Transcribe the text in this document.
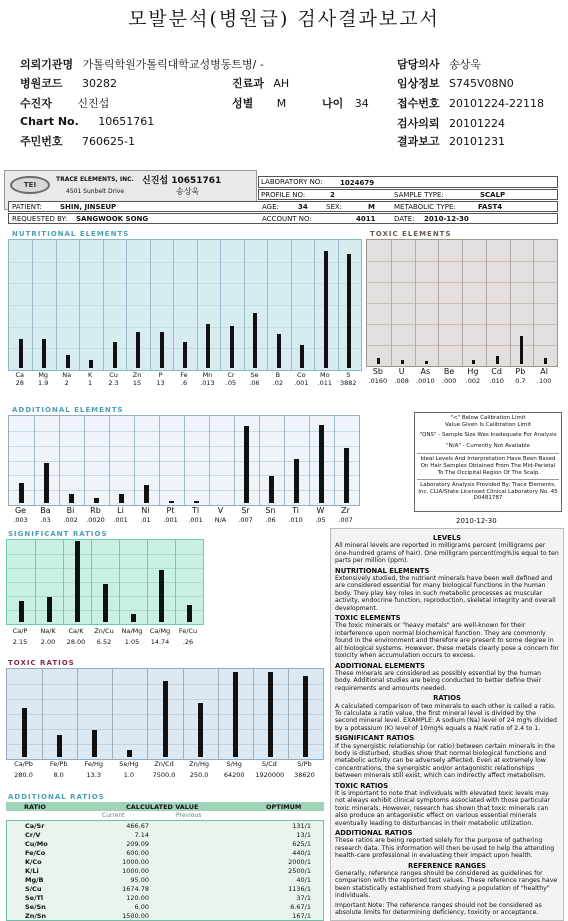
모발분석(병원급) 검사결과보고서
의뢰기관명 가톨릭학원가톨릭대학교성병동트병/ -	담당의사 송상욱
병원코드 30282	진료과 AH	임상정보 S745V08N0
수진자 신진섭	성별 M	나이 34	접수번호 20101224-22118
Chart No. 10651761	검사의뢰 20101224
주민번호 760625-1	결과보고 20101231
TEI
TRACE ELEMENTS, INC.
4501 Sunbelt Drive
신진섭 10651761
송상욱
LABORATORY NO: 1024679
PROFILE NO:	2	SAMPLE TYPE:	SCALP
PATIENT:	SHIN, JINSEUP	AGE:	34	SEX:	M	METABOLIC TYPE:	FAST4
REQUESTED BY: SANGWOOK SONG	ACCOUNT NO:	4011	DATE: 2010-12-30
NUTRITIONAL ELEMENTS
Ca	Mg	Na	K	Cu	Zn	P	Fe	Mn	Cr	Se	B	Co	Mo	S
28	1.9	2	1	2.3	15	13	.6	.013	.05	.06	.02	.001	.011	3882
TOXIC ELEMENTS
Sb	U	As	Be	Hg	Cd	Pb	Al
.0160	.008	.0010	.000	.002	.010	0.7	.100
ADDITIONAL ELEMENTS
Ge	Ba	Bi	Rb	Li	Ni	Pt	Tl	V	Sr	Sn	Ti	W	Zr
.003	.03	.002	.0020	.001	.01	.001	.001	N/A	.007	.06	.010	.05	.007
"<" Below Calibration Limit
Value Given Is Calibration Limit
"QNS" - Sample Size Was Inadequate For Analysis
"N/A" - Currently Not Available
Ideal Levels And Interpretation Have Been Based On Hair Samples Obtained From The Mid-Parietal To The Occipital Region Of The Scalp
Laboratory Analysis Provided By: Trace Elements, Inc. CLIA/State Licensed Clinical Laboratory No. 45 D0481787
2010-12-30
SIGNIFICANT RATIOS
Ca/P	Na/K	Ca/K	Zn/Cu	Na/Mg Ca/Mg	Fe/Cu
2.15	2.00	28.00	6.52	1.05	14.74	.26
TOXIC RATIOS
Ca/Pb	Fe/Pb	Fe/Hg	Se/Hg	Zn/Cd	Zn/Hg	S/Hg	S/Cd	S/Pb
280.0	8.0	13.3	1.0	7500.0	250.0	64200	1920000	38620
ADDITIONAL RATIOS
RATIO	CALCULATED VALUE	OPTIMUM
Current	Previous
Ca/Sr	466.67	131/1
Cr/V	7.14	13/1
Cu/Mo	209.09	625/1
Fe/Co	600.00	440/1
K/Co	1000.00	2000/1
K/Li	1000.00	2500/1
Mg/B	95.00	40/1
S/Cu	1674.78	1136/1
Se/Tl	120.00	37/1
Se/Sn	6.00	6.67/1
Zn/Sn	1500.00	167/1
LEVELS
All mineral levels are reported in milligrams percent (milligrams per one-hundred grams of hair). One milligram percent(mg%)is equal to ten parts per million (ppm).
NUTRITIONAL ELEMENTS
Extensively studied, the nutrient minerals have been well defined and are considered essential for many biological functions in the human body. They play key roles in such metabolic processes as muscular activity, endocrine function, reproduction, skeletal integrity and overall development.
TOXIC ELEMENTS
The toxic minerals or "heavy metals" are well-known for their interference upon normal biochemical function. They are commonly found in the environment and therefore are present to some degree in all biological systems. However, these metals clearly pose a concern for toxicity when accumulation occurs to excess.
ADDITIONAL ELEMENTS
These minerals are considered as possibly essential by the human body. Additional studies are being conducted to better define their requirements and amounts needed.
RATIOS
A calculated comparison of two minerals to each other is called a ratio. To calculate a ratio value, the first mineral level is divided by the second mineral level. EXAMPLE: A sodium (Na) level of 24 mg% divided by a potassium (K) level of 10mg% equals a Na/K ratio of 2.4 to 1.
SIGNIFICANT RATIOS
If the synergistic relationship (or ratio) between certain minerals in the body is disturbed, studies show that normal biological functions and metabolic activity can be adversely affected. Even at extremely low concentrations, the synergistic and/or antagonistic relationships between minerals still exist, which can indirectly affect metabolism.
TOXIC RATIOS
It is important to note that individuals with elevated toxic levels may not always exhibit clinical symptoms associated with those particular toxic minerals. However, research has shown that toxic minerals can also produce an antagonistic effect on various essential minerals eventually leading to disturbances in their metabolic utilization.
ADDITIONAL RATIOS
These ratios are being reported solely for the purpose of gathering research data. This information will then be used to help the attending health-care professional in evaluating their impact upon health.
REFERENCE RANGES
Generally, reference ranges should be considered as guidelines for comparison with the reported test values. These reference ranges have been statistically established from studying a population of "healthy" individuals.
Important Note: The reference ranges should not be considered as absolute limits for determining deficiency, toxicity or acceptance.
